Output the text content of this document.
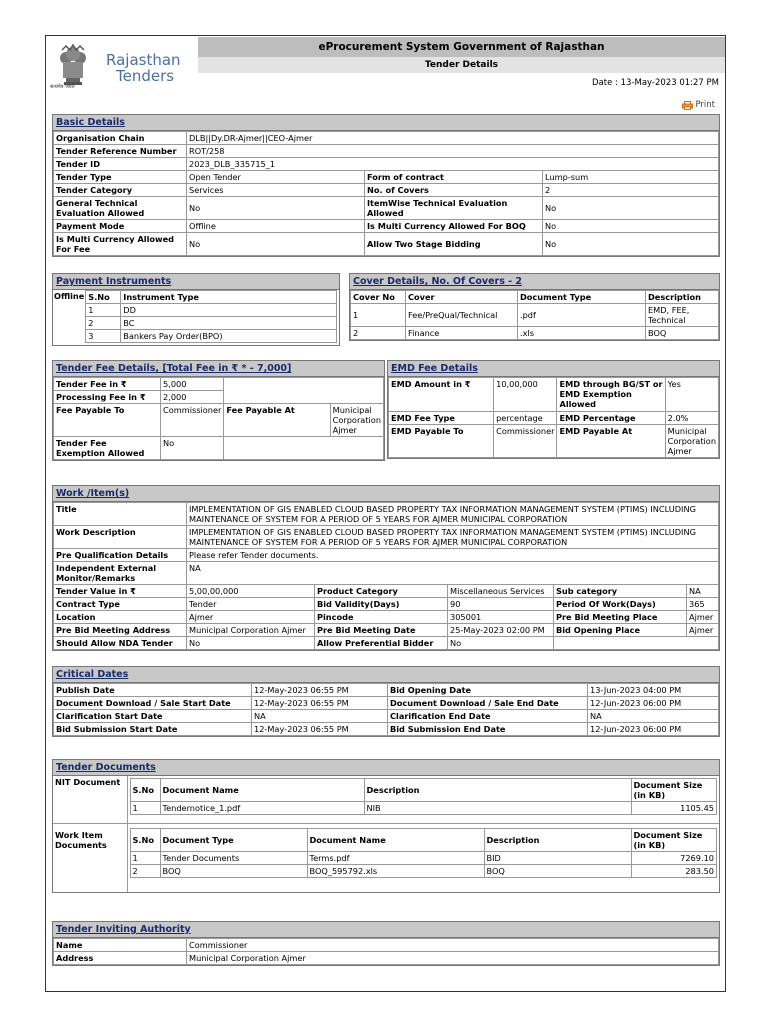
सत्यमेव जयते
Rajasthan
Tenders
eProcurement System Government of Rajasthan
Tender Details
Date : 13-May-2023 01:27 PM
Print
Basic Details
Organisation Chain	DLB||Dy.DR-Ajmer||CEO-Ajmer		
Tender Reference Number	ROT/258		
Tender ID	2023_DLB_335715_1		
Tender Type	Open Tender	Form of contract	Lump-sum
Tender Category	Services	No. of Covers	2
General Technical Evaluation Allowed	No	ItemWise Technical Evaluation Allowed	No
Payment Mode	Offline	Is Multi Currency Allowed For BOQ	No
Is Multi Currency Allowed For Fee	No	Allow Two Stage Bidding	No
Payment Instruments
Offline	S.No	Instrument Type
1	DD
2	BC
3	Bankers Pay Order(BPO)
Cover Details, No. Of Covers - 2
Cover No	Cover	Document Type	Description
1	Fee/PreQual/Technical	.pdf	EMD, FEE, Technical
2	Finance	.xls	BOQ
Tender Fee Details, [Total Fee in ₹ * - 7,000]
Tender Fee in ₹	5,000		
Processing Fee in ₹	2,000		
Fee Payable To	Commissioner	Fee Payable At	Municipal Corporation Ajmer
Tender Fee Exemption Allowed	No		
EMD Fee Details
EMD Amount in ₹	10,00,000	EMD through BG/ST or EMD Exemption Allowed	Yes
EMD Fee Type	percentage	EMD Percentage	2.0%
EMD Payable To	Commissioner	EMD Payable At	Municipal Corporation Ajmer
Work /Item(s)
Title	IMPLEMENTATION OF GIS ENABLED CLOUD BASED PROPERTY TAX INFORMATION MANAGEMENT SYSTEM (PTIMS) INCLUDING MAINTENANCE OF SYSTEM FOR A PERIOD OF 5 YEARS FOR AJMER MUNICIPAL CORPORATION				
Work Description	IMPLEMENTATION OF GIS ENABLED CLOUD BASED PROPERTY TAX INFORMATION MANAGEMENT SYSTEM (PTIMS) INCLUDING MAINTENANCE OF SYSTEM FOR A PERIOD OF 5 YEARS FOR AJMER MUNICIPAL CORPORATION				
Pre Qualification Details	Please refer Tender documents.				
Independent External Monitor/Remarks	NA				
Tender Value in ₹	5,00,00,000	Product Category	Miscellaneous Services	Sub category	NA
Contract Type	Tender	Bid Validity(Days)	90	Period Of Work(Days)	365
Location	Ajmer	Pincode	305001	Pre Bid Meeting Place	Ajmer
Pre Bid Meeting Address	Municipal Corporation Ajmer	Pre Bid Meeting Date	25-May-2023 02:00 PM	Bid Opening Place	Ajmer
Should Allow NDA Tender	No	Allow Preferential Bidder	No		
Critical Dates
Publish Date	12-May-2023 06:55 PM	Bid Opening Date	13-Jun-2023 04:00 PM
Document Download / Sale Start Date	12-May-2023 06:55 PM	Document Download / Sale End Date	12-Jun-2023 06:00 PM
Clarification Start Date	NA	Clarification End Date	NA
Bid Submission Start Date	12-May-2023 06:55 PM	Bid Submission End Date	12-Jun-2023 06:00 PM
Tender Documents
NIT Document	
S.No	Document Name	Description	Document Size (in KB)
1	Tendernotice_1.pdf	NIB	1105.45

Work Item Documents		S.No	Document Type	Document Name	Description	Document Size (in KB)
1	Tender Documents	Terms.pdf	BID	7269.10
2	BOQ	BOQ_595792.xls	BOQ	283.50
Tender Inviting Authority
Name	Commissioner
Address	Municipal Corporation Ajmer
